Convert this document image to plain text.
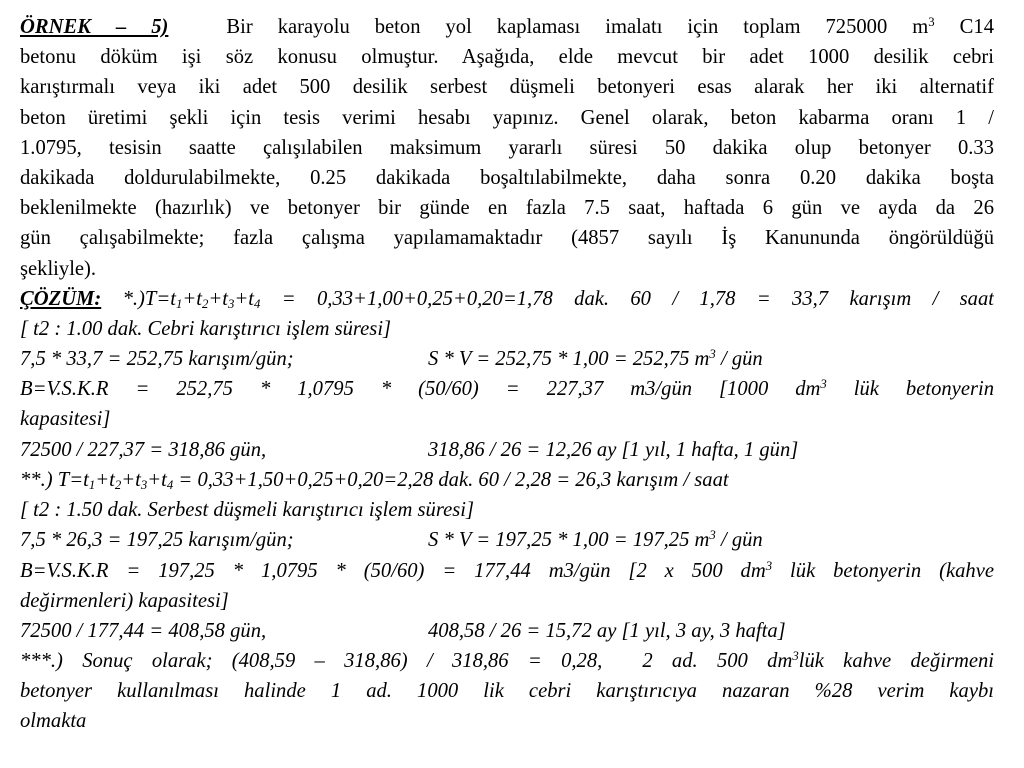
ÖRNEK – 5)	Bir karayolu beton yol kaplaması imalatı için toplam 725000 $m^3$ C14
betonu döküm işi söz konusu olmuştur. Aşağıda, elde mevcut bir adet 1000 desilik cebri
karıştırmalı veya iki adet 500 desilik serbest düşmeli betonyeri esas alarak her iki alternatif
beton üretimi şekli için tesis verimi hesabı yapınız. Genel olarak, beton kabarma oranı 1 /
1.0795, tesisin saatte çalışılabilen maksimum yararlı süresi 50 dakika olup betonyer 0.33
dakikada doldurulabilmekte, 0.25 dakikada boşaltılabilmekte, daha sonra 0.20 dakika boşta
beklenilmekte (hazırlık) ve betonyer bir günde en fazla 7.5 saat, haftada 6 gün ve ayda da 26
gün çalışabilmekte; fazla çalışma yapılamamaktadır (4857 sayılı İş Kanununda öngörüldüğü
şekliyle).
ÇÖZÜM: $*.)T=t_1+t_2+t_3+t_4 = 0,33+1,00+0,25+0,20=1,78$ dak. 60 / 1,78 = 33,7 karışım / saat
[ t2 : 1.00 dak. Cebri karıştırıcı işlem süresi]
7,5 * 33,7 = 252,75 karışım/gün;	S * V = 252,75 * 1,00 = 252,75 $m^3$ / gün
B=V.S.K.R = 252,75 * 1,0795 * (50/60) = 227,37 m3/gün [1000 $dm^3$ lük betonyerin
kapasitesi]
72500 / 227,37 = 318,86 gün,	318,86 / 26 = 12,26 ay [1 yıl, 1 hafta, 1 gün]
**.) $T=t_1+t_2+t_3+t_4 = 0,33+1,50+0,25+0,20=2,28$ dak. 60 / 2,28 = 26,3 karışım / saat
[ t2 : 1.50 dak. Serbest düşmeli karıştırıcı işlem süresi]
7,5 * 26,3 = 197,25 karışım/gün;	S * V = 197,25 * 1,00 = 197,25 $m^3$ / gün
B=V.S.K.R = 197,25 * 1,0795 * (50/60) = 177,44 m3/gün [2 x 500 $dm^3$ lük betonyerin (kahve
değirmenleri) kapasitesi]
72500 / 177,44 = 408,58 gün,	408,58 / 26 = 15,72 ay [1 yıl, 3 ay, 3 hafta]
***.) Sonuç olarak; (408,59 – 318,86) / 318,86 = 0,28, 2 ad. 500 $dm^3lük$ kahve değirmeni
betonyer kullanılması halinde 1 ad. 1000 lik cebri karıştırıcıya nazaran %28 verim kaybı
olmakta
